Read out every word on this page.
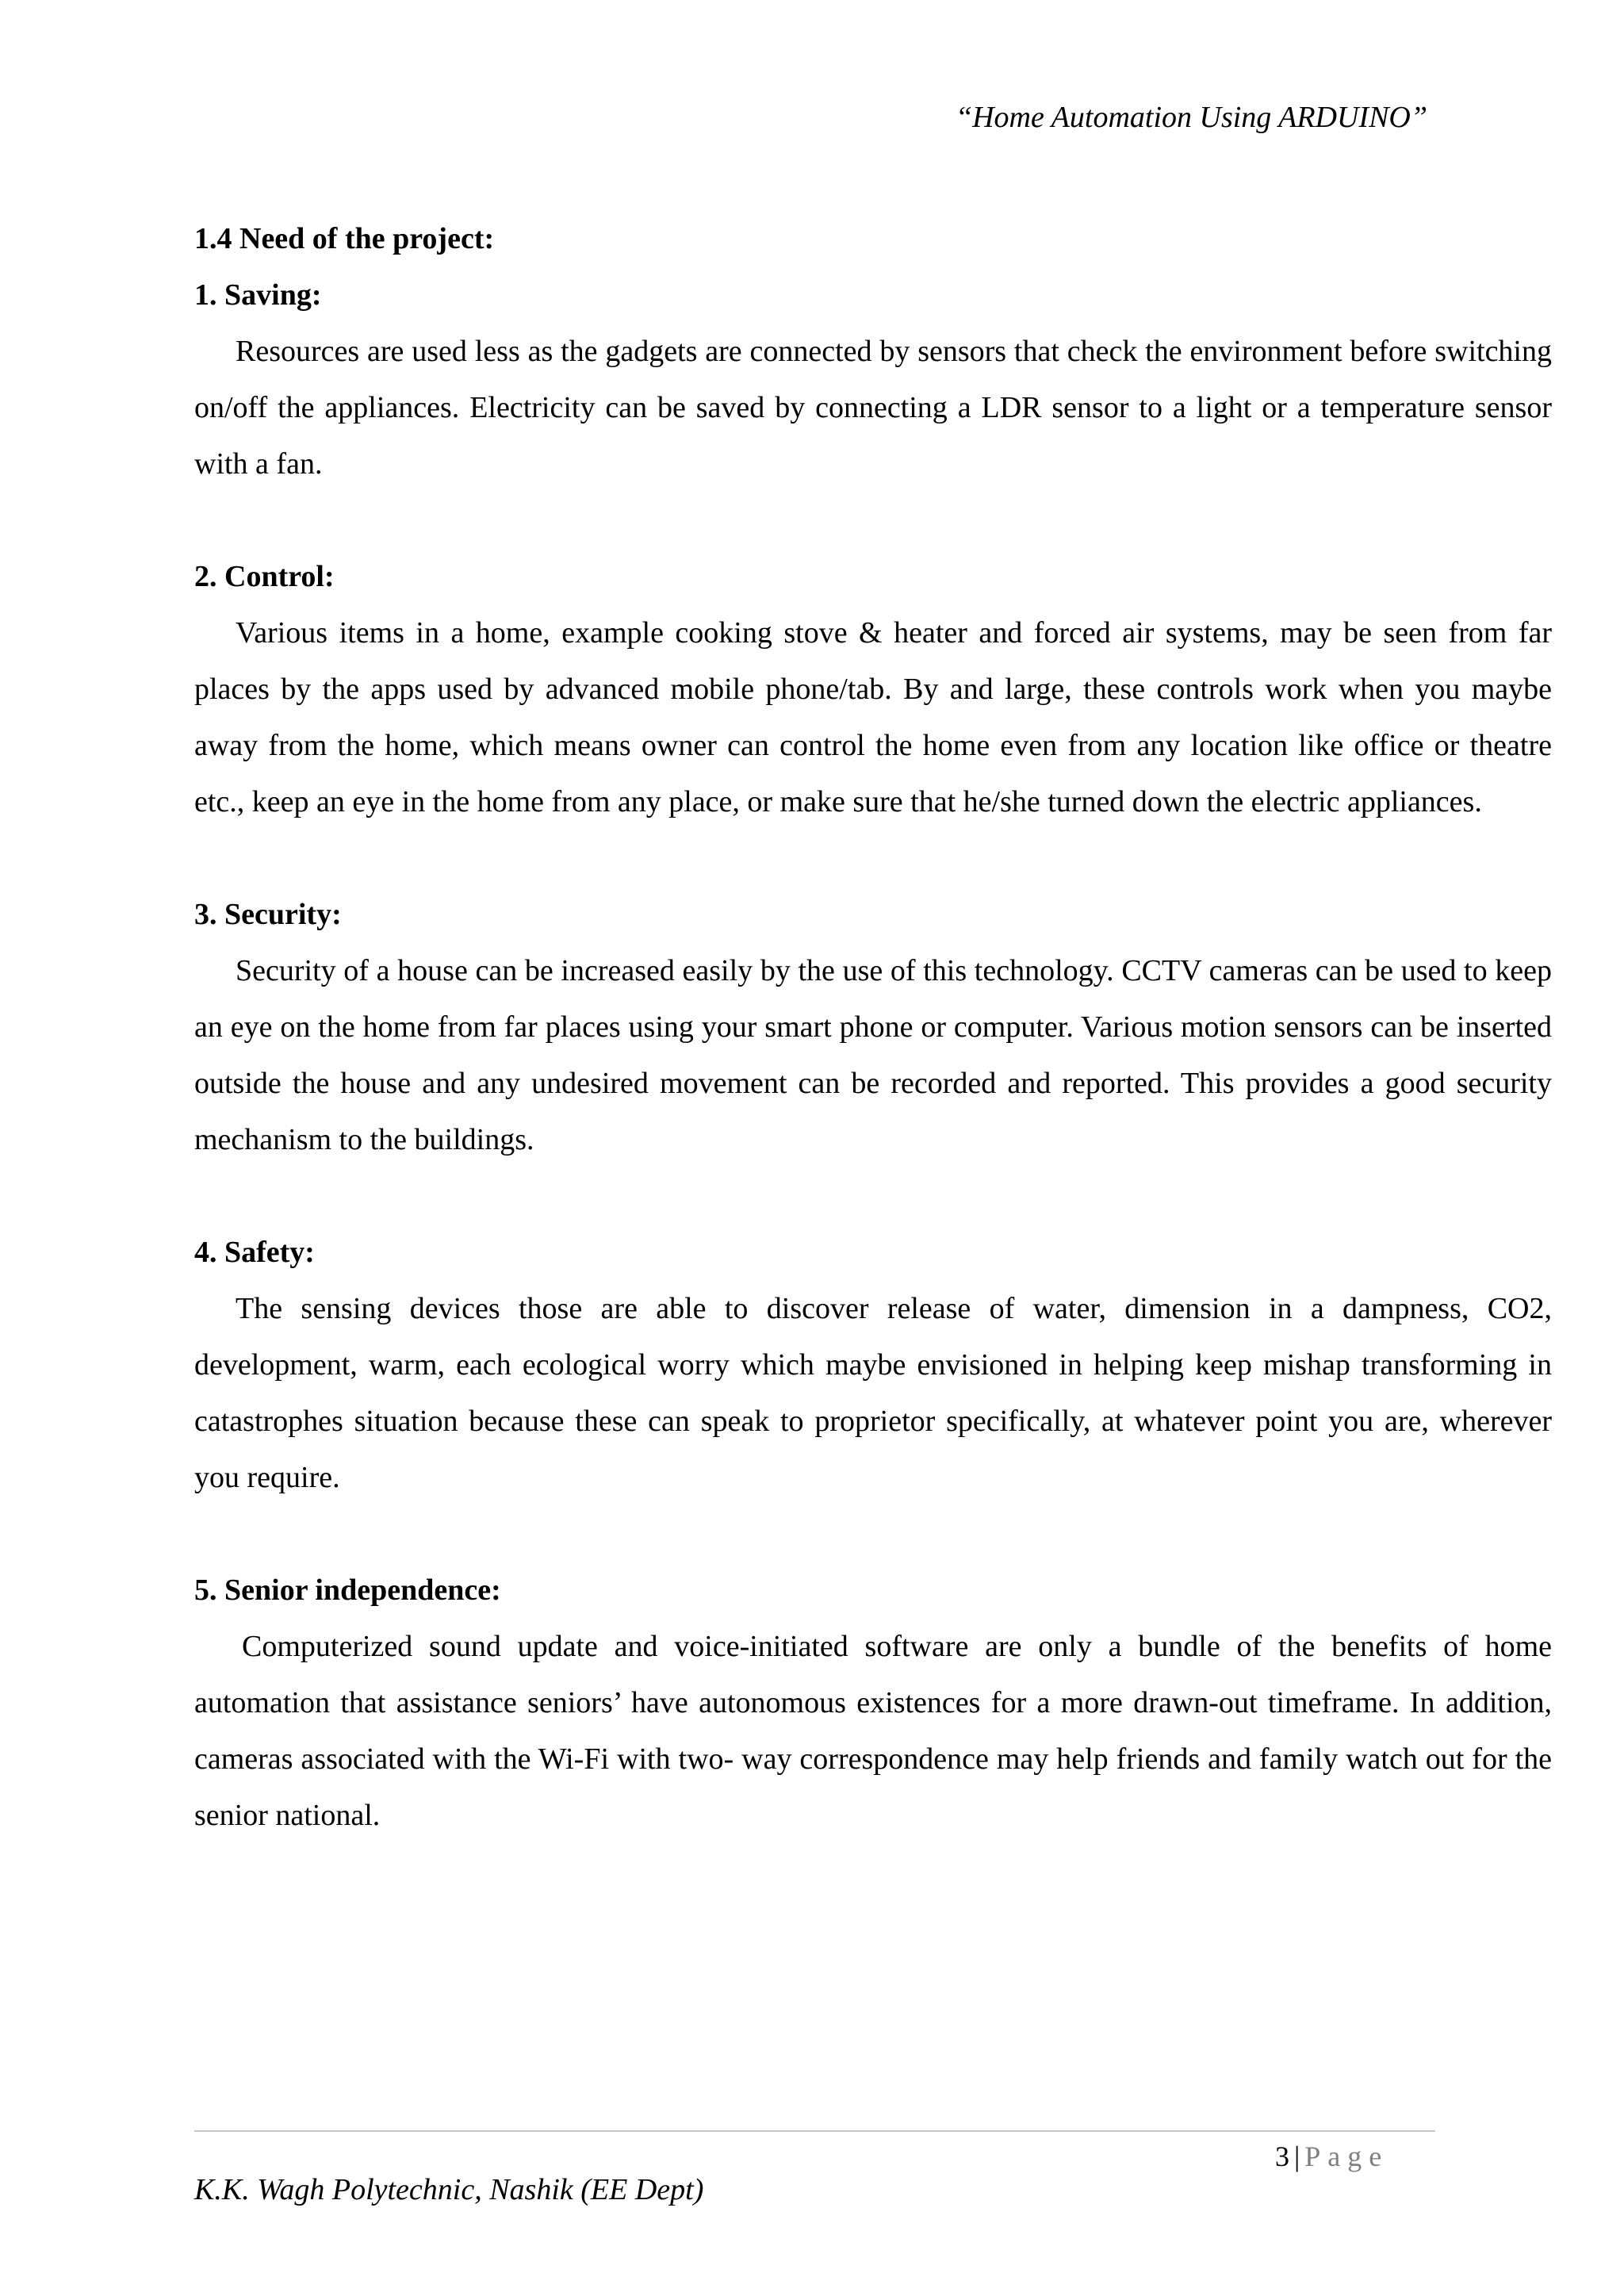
“Home Automation Using ARDUINO”

1.4 Need of the project:

1. Saving:

Resources are used less as the gadgets are connected by sensors that check the environment before switching on/off the appliances. Electricity can be saved by connecting a LDR sensor to a light or a temperature sensor with a fan.

2. Control:

Various items in a home, example cooking stove & heater and forced air systems, may be seen from far places by the apps used by advanced mobile phone/tab. By and large, these controls work when you maybe away from the home, which means owner can control the home even from any location like office or theatre etc., keep an eye in the home from any place, or make sure that he/she turned down the electric appliances.

3. Security:

Security of a house can be increased easily by the use of this technology. CCTV cameras can be used to keep an eye on the home from far places using your smart phone or computer. Various motion sensors can be inserted outside the house and any undesired movement can be recorded and reported. This provides a good security mechanism to the buildings.

4. Safety:

The sensing devices those are able to discover release of water, dimension in a dampness, CO2, development, warm, each ecological worry which maybe envisioned in helping keep mishap transforming in catastrophes situation because these can speak to proprietor specifically, at whatever point you are, wherever you require.

5. Senior independence:

Computerized sound update and voice-initiated software are only a bundle of the benefits of home automation that assistance seniors’ have autonomous existences for a more drawn-out timeframe. In addition, cameras associated with the Wi-Fi with two- way correspondence may help friends and family watch out for the senior national.

3 | Page
K.K. Wagh Polytechnic, Nashik (EE Dept)
